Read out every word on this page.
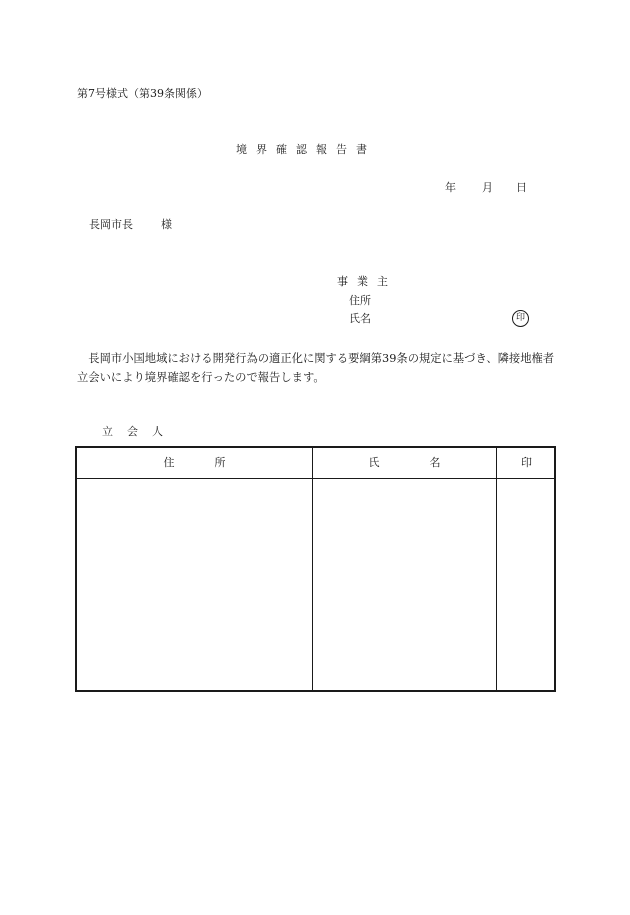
第7号様式（第39条関係）
境界確認報告書
年 月 日
長岡市長	様
事業主
住所
氏名	印
　長岡市小国地域における開発行為の適正化に関する要綱第39条の規定に基づき、隣接地権者立会いにより境界確認を行ったので報告します。
立会人
住所	氏名	印
